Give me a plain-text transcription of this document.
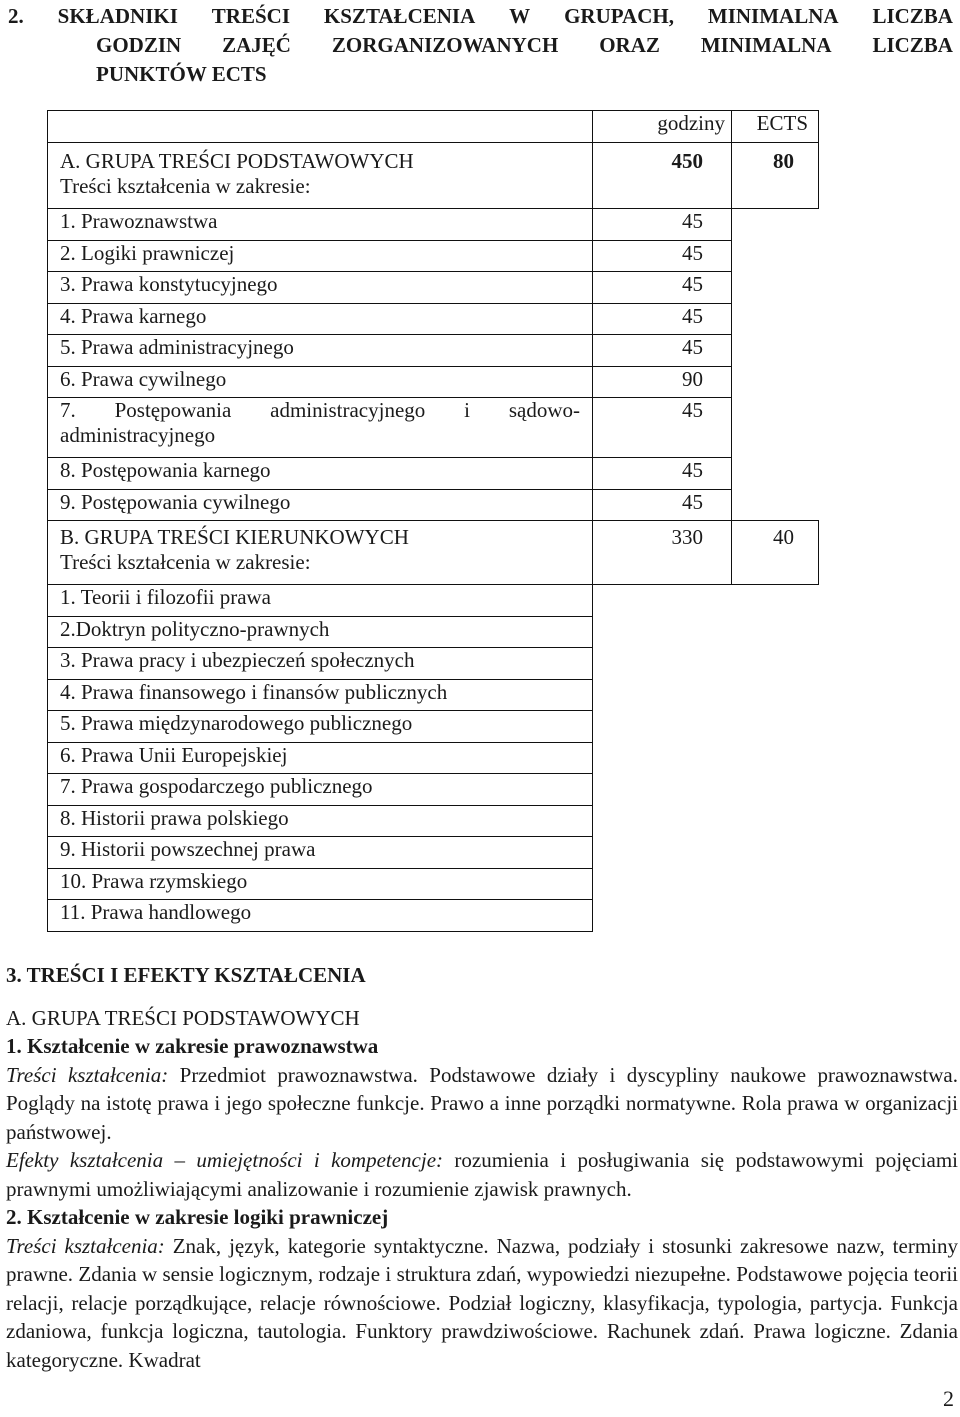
2. SKŁADNIKI TREŚCI KSZTAŁCENIA W GRUPACH, MINIMALNA LICZBA
GODZIN ZAJĘĆ ZORGANIZOWANYCH ORAZ MINIMALNA LICZBA
PUNKTÓW ECTS
	godziny	ECTS

A. GRUPA TREŚCI PODSTAWOWYCH
Treści kształcenia w zakresie:	450	80
1. Prawoznawstwa	45	
2. Logiki prawniczej	45	
3. Prawa konstytucyjnego	45	
4. Prawa karnego	45	
5. Prawa administracyjnego	45	
6. Prawa cywilnego	90	
7. Postępowania administracyjnego i sądowo-administracyjnego	45	
8. Postępowania karnego	45	
9. Postępowania cywilnego	45	

B. GRUPA TREŚCI KIERUNKOWYCH
Treści kształcenia w zakresie:	330	40
1. Teorii i filozofii prawa		
2.Doktryn polityczno-prawnych		
3. Prawa pracy i ubezpieczeń społecznych		
4. Prawa finansowego i finansów publicznych		
5. Prawa międzynarodowego publicznego		
6. Prawa Unii Europejskiej		
7. Prawa gospodarczego publicznego		
8. Historii prawa polskiego		
9. Historii powszechnej prawa		
10. Prawa rzymskiego		
11. Prawa handlowego		

3. TREŚCI I EFEKTY KSZTAŁCENIA

A. GRUPA TREŚCI PODSTAWOWYCH

1. Kształcenie w zakresie prawoznawstwa

Treści kształcenia: Przedmiot prawoznawstwa. Podstawowe działy i dyscypliny naukowe prawoznawstwa. Poglądy na istotę prawa i jego społeczne funkcje. Prawo a inne porządki normatywne. Rola prawa w organizacji państwowej.

Efekty kształcenia – umiejętności i kompetencje: rozumienia i posługiwania się podstawowymi pojęciami prawnymi umożliwiającymi analizowanie i rozumienie zjawisk prawnych.

2. Kształcenie w zakresie logiki prawniczej

Treści kształcenia: Znak, język, kategorie syntaktyczne. Nazwa, podziały i stosunki zakresowe nazw, terminy prawne. Zdania w sensie logicznym, rodzaje i struktura zdań, wypowiedzi niezupełne. Podstawowe pojęcia teorii relacji, relacje porządkujące, relacje równościowe. Podział logiczny, klasyfikacja, typologia, partycja. Funkcja zdaniowa, funkcja logiczna, tautologia. Funktory prawdziwościowe. Rachunek zdań. Prawa logiczne. Zdania kategoryczne. Kwadrat

2
